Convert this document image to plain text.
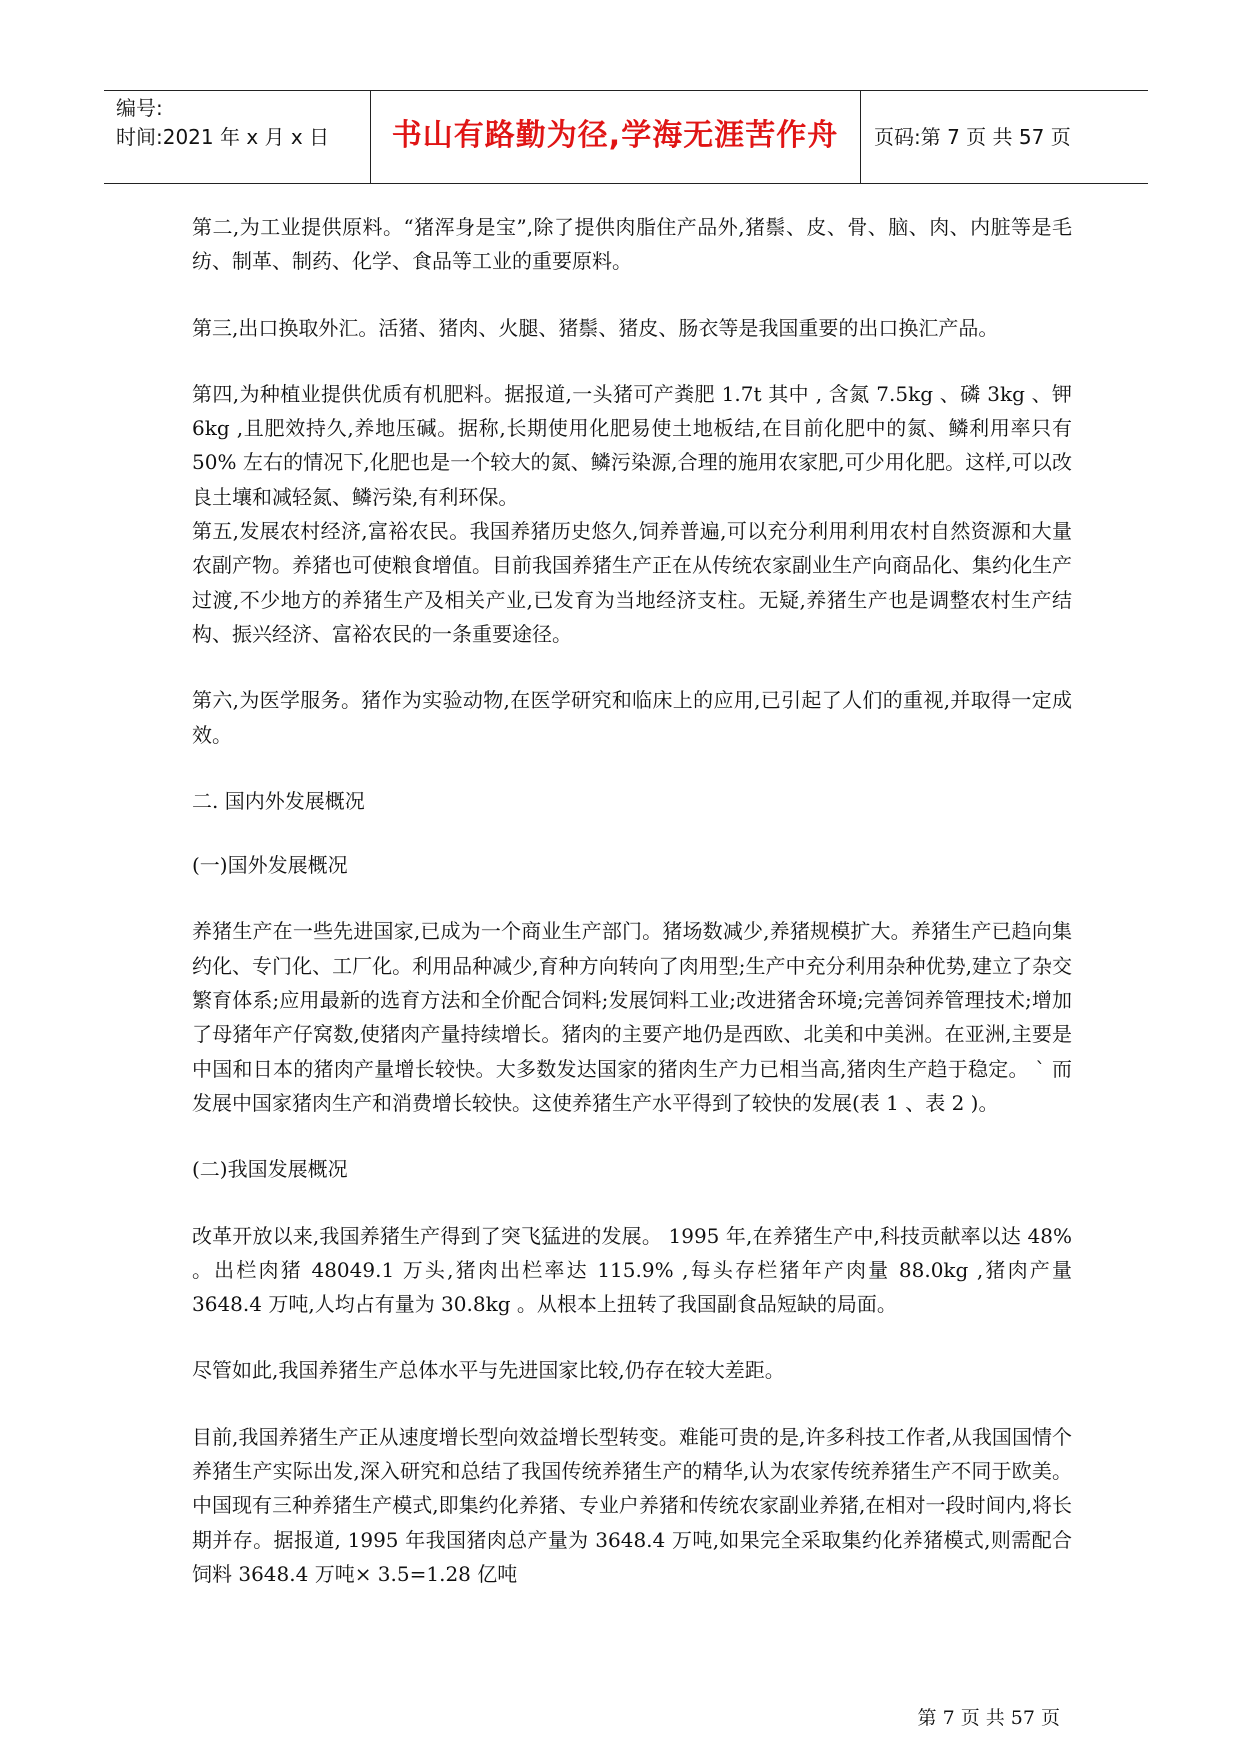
编号:
时间:2021 年 x 月 x 日	书山有路勤为径,学海无涯苦作舟	页码:第 7 页 共 57 页

第二,为工业提供原料。“猪浑身是宝”,除了提供肉脂住产品外,猪鬃、皮、骨、脑、肉、内脏等是毛纺、制革、制药、化学、食品等工业的重要原料。

第三,出口换取外汇。活猪、猪肉、火腿、猪鬃、猪皮、肠衣等是我国重要的出口换汇产品。

第四,为种植业提供优质有机肥料。据报道,一头猪可产粪肥 1.7t 其中 , 含氮 7.5kg 、磷 3kg 、钾 6kg ,且肥效持久,养地压碱。据称,长期使用化肥易使土地板结,在目前化肥中的氮、鳞利用率只有 50% 左右的情况下,化肥也是一个较大的氮、鳞污染源,合理的施用农家肥,可少用化肥。这样,可以改良土壤和减轻氮、鳞污染,有利环保。

第五,发展农村经济,富裕农民。我国养猪历史悠久,饲养普遍,可以充分利用利用农村自然资源和大量农副产物。养猪也可使粮食增值。目前我国养猪生产正在从传统农家副业生产向商品化、集约化生产过渡,不少地方的养猪生产及相关产业,已发育为当地经济支柱。无疑,养猪生产也是调整农村生产结构、振兴经济、富裕农民的一条重要途径。

第六,为医学服务。猪作为实验动物,在医学研究和临床上的应用,已引起了人们的重视,并取得一定成效。

二. 国内外发展概况

(一)国外发展概况

养猪生产在一些先进国家,已成为一个商业生产部门。猪场数减少,养猪规模扩大。养猪生产已趋向集约化、专门化、工厂化。利用品种减少,育种方向转向了肉用型;生产中充分利用杂种优势,建立了杂交繁育体系;应用最新的选育方法和全价配合饲料;发展饲料工业;改进猪舍环境;完善饲养管理技术;增加了母猪年产仔窝数,使猪肉产量持续增长。猪肉的主要产地仍是西欧、北美和中美洲。在亚洲,主要是中国和日本的猪肉产量增长较快。大多数发达国家的猪肉生产力已相当高,猪肉生产趋于稳定。 ` 而发展中国家猪肉生产和消费增长较快。这使养猪生产水平得到了较快的发展(表 1 、表 2 )。

(二)我国发展概况

改革开放以来,我国养猪生产得到了突飞猛进的发展。 1995 年,在养猪生产中,科技贡献率以达 48% 。出栏肉猪 48049.1 万头,猪肉出栏率达 115.9% ,每头存栏猪年产肉量 88.0kg ,猪肉产量 3648.4 万吨,人均占有量为 30.8kg 。从根本上扭转了我国副食品短缺的局面。

尽管如此,我国养猪生产总体水平与先进国家比较,仍存在较大差距。

目前,我国养猪生产正从速度增长型向效益增长型转变。难能可贵的是,许多科技工作者,从我国国情个养猪生产实际出发,深入研究和总结了我国传统养猪生产的精华,认为农家传统养猪生产不同于欧美。中国现有三种养猪生产模式,即集约化养猪、专业户养猪和传统农家副业养猪,在相对一段时间内,将长期并存。据报道, 1995 年我国猪肉总产量为 3648.4 万吨,如果完全采取集约化养猪模式,则需配合饲料 3648.4 万吨× 3.5=1.28 亿吨

第 7 页 共 57 页
